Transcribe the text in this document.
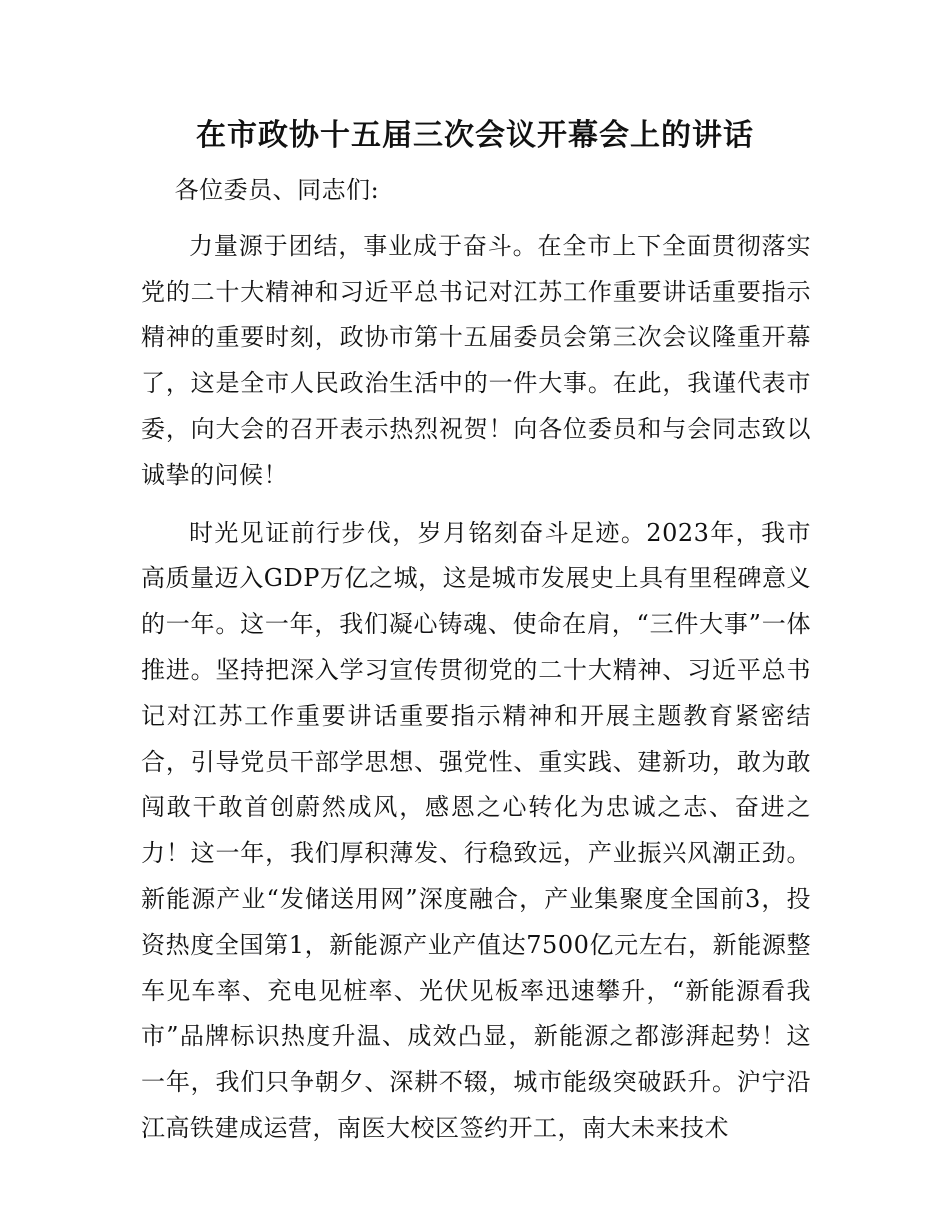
在市政协十五届三次会议开幕会上的讲话

各位委员、同志们:

力量源于团结，事业成于奋斗。在全市上下全面贯彻落实党的二十大精神和习近平总书记对江苏工作重要讲话重要指示精神的重要时刻，政协市第十五届委员会第三次会议隆重开幕了，这是全市人民政治生活中的一件大事。在此，我谨代表市委，向大会的召开表示热烈祝贺！向各位委员和与会同志致以诚挚的问候！

时光见证前行步伐，岁月铭刻奋斗足迹。2023年，我市高质量迈入GDP万亿之城，这是城市发展史上具有里程碑意义的一年。这一年，我们凝心铸魂、使命在肩，“三件大事”一体推进。坚持把深入学习宣传贯彻党的二十大精神、习近平总书记对江苏工作重要讲话重要指示精神和开展主题教育紧密结合，引导党员干部学思想、强党性、重实践、建新功，敢为敢闯敢干敢首创蔚然成风，感恩之心转化为忠诚之志、奋进之力！这一年，我们厚积薄发、行稳致远，产业振兴风潮正劲。新能源产业“发储送用网”深度融合，产业集聚度全国前3，投资热度全国第1，新能源产业产值达7500亿元左右，新能源整车见车率、充电见桩率、光伏见板率迅速攀升，“新能源看我市”品牌标识热度升温、成效凸显，新能源之都澎湃起势！这一年，我们只争朝夕、深耕不辍，城市能级突破跃升。沪宁沿江高铁建成运营，南医大校区签约开工，南大未来技术
